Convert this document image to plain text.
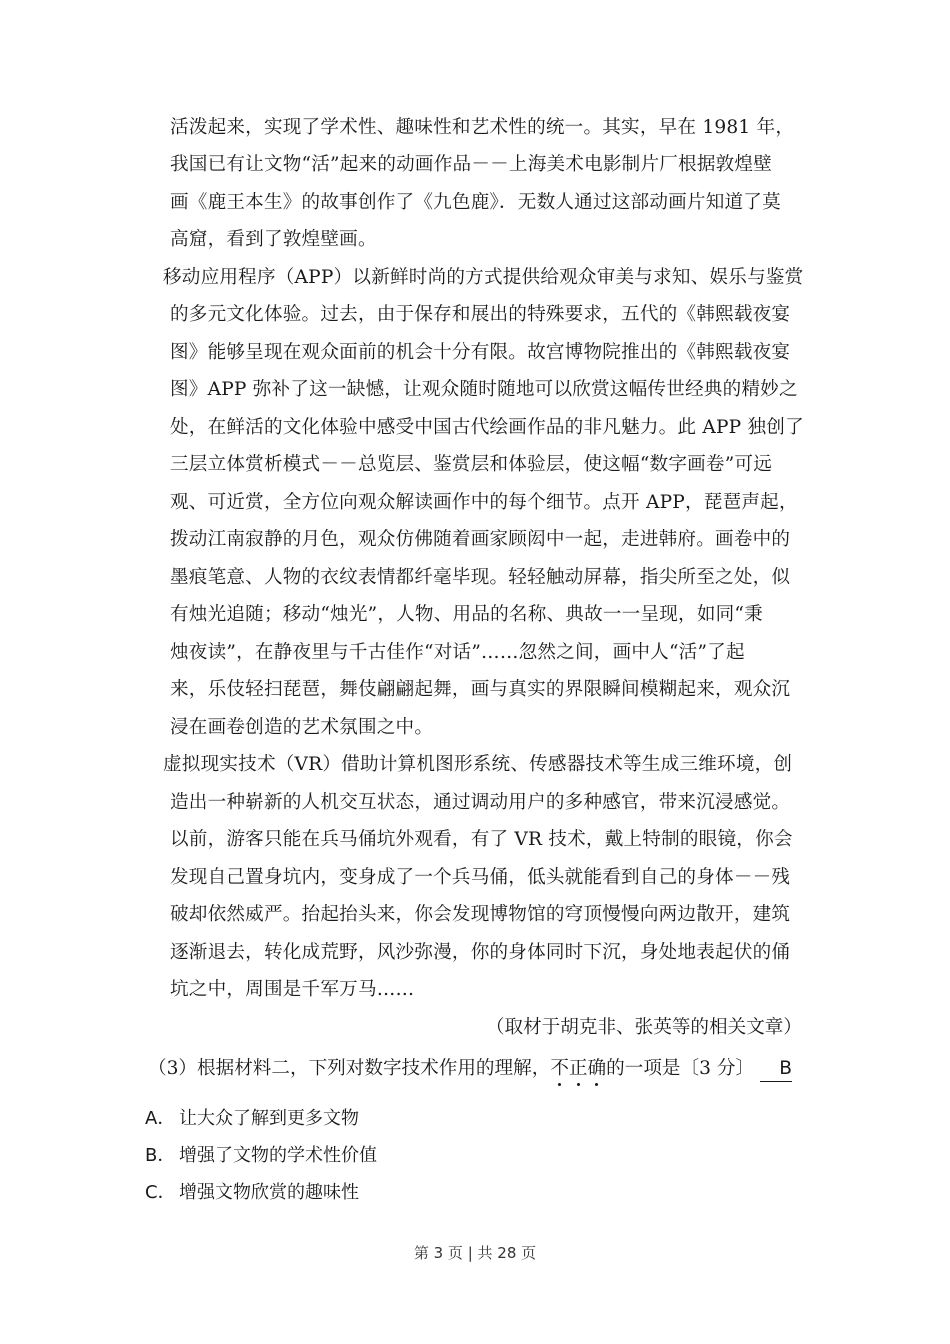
活泼起来，实现了学术性、趣味性和艺术性的统一。其实，早在 1981 年，
我国已有让文物“活”起来的动画作品－－上海美术电影制片厂根据敦煌壁
画《鹿王本生》的故事创作了《九色鹿》．无数人通过这部动画片知道了莫
高窟，看到了敦煌壁画。
移动应用程序（APP）以新鲜时尚的方式提供给观众审美与求知、娱乐与鉴赏
的多元文化体验。过去，由于保存和展出的特殊要求，五代的《韩熙载夜宴
图》能够呈现在观众面前的机会十分有限。故宫博物院推出的《韩熙载夜宴
图》APP 弥补了这一缺憾，让观众随时随地可以欣赏这幅传世经典的精妙之
处，在鲜活的文化体验中感受中国古代绘画作品的非凡魅力。此 APP 独创了
三层立体赏析模式－－总览层、鉴赏层和体验层，使这幅“数字画卷”可远
观、可近赏，全方位向观众解读画作中的每个细节。点开 APP，琵琶声起，
拨动江南寂静的月色，观众仿佛随着画家顾闳中一起，走进韩府。画卷中的
墨痕笔意、人物的衣纹表情都纤毫毕现。轻轻触动屏幕，指尖所至之处，似
有烛光追随；移动“烛光”，人物、用品的名称、典故一一呈现，如同“秉
烛夜读”，在静夜里与千古佳作“对话”……忽然之间，画中人“活”了起
来，乐伎轻扫琵琶，舞伎翩翩起舞，画与真实的界限瞬间模糊起来，观众沉
浸在画卷创造的艺术氛围之中。
虚拟现实技术（VR）借助计算机图形系统、传感器技术等生成三维环境，创
造出一种崭新的人机交互状态，通过调动用户的多种感官，带来沉浸感觉。
以前，游客只能在兵马俑坑外观看，有了 VR 技术，戴上特制的眼镜，你会
发现自己置身坑内，变身成了一个兵马俑，低头就能看到自己的身体－－残
破却依然威严。抬起抬头来，你会发现博物馆的穹顶慢慢向两边散开，建筑
逐渐退去，转化成荒野，风沙弥漫，你的身体同时下沉，身处地表起伏的俑
坑之中，周围是千军万马……
（取材于胡克非、张英等的相关文章）
（3）根据材料二，下列对数字技术作用的理解，不正确的一项是〔3 分〕 B
A． 让大众了解到更多文物
B． 增强了文物的学术性价值
C． 增强文物欣赏的趣味性
第 3 页 | 共 28 页
